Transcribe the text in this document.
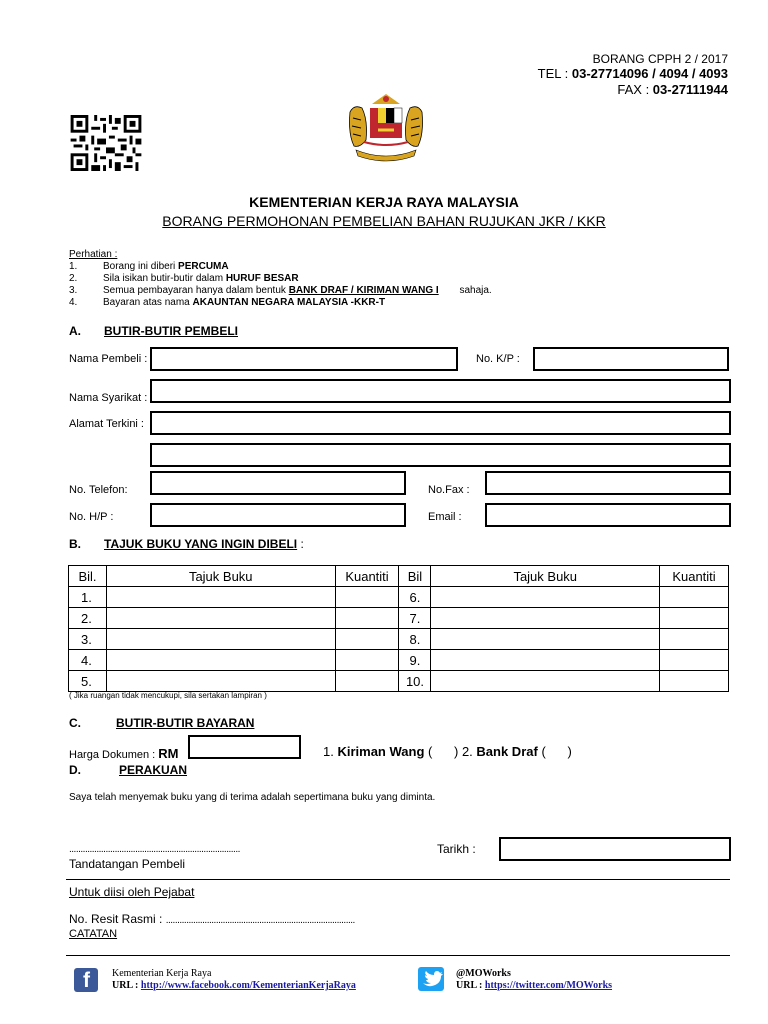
BORANG CPPH 2 / 2017
TEL : 03-27714096 / 4094 / 4093
FAX : 03-27111944
KEMENTERIAN KERJA RAYA MALAYSIA
BORANG PERMOHONAN PEMBELIAN BAHAN RUJUKAN JKR / KKR
Perhatian :
1.	Borang ini diberi PERCUMA
2.	Sila isikan butir-butir dalam HURUF BESAR
3.	Semua pembayaran hanya dalam bentuk BANK DRAF / KIRIMAN WANG I sahaja.
4.	Bayaran atas nama AKAUNTAN NEGARA MALAYSIA -KKR-T
A. BUTIR-BUTIR PEMBELI
Nama Pembeli :	No. K/P :
Nama Syarikat :
Alamat Terkini :
No. Telefon:	No.Fax :
No. H/P :	Email :
B. TAJUK BUKU YANG INGIN DIBELI :
Bil.	Tajuk Buku	Kuantiti	Bil	Tajuk Buku	Kuantiti
1.			6.		
2.			7.		
3.			8.		
4.			9.		
5.			10.		
( Jika ruangan tidak mencukupi, sila sertakan lampiran )
C.	BUTIR-BUTIR BAYARAN
Harga Dokumen : RM	1. Kiriman Wang (      ) 2. Bank Draf (      )
D.	PERAKUAN
Saya telah menyemak buku yang di terima adalah sepertimana buku yang diminta.
...........................................................................
Tandatangan Pembeli
Tarikh :
Untuk diisi oleh Pejabat
No. Resit Rasmi : ...................................................................................
CATATAN
f Kementerian Kerja Raya
URL : http://www.facebook.com/KementerianKerjaRaya
@MOWorks
URL : https://twitter.com/MOWorks
